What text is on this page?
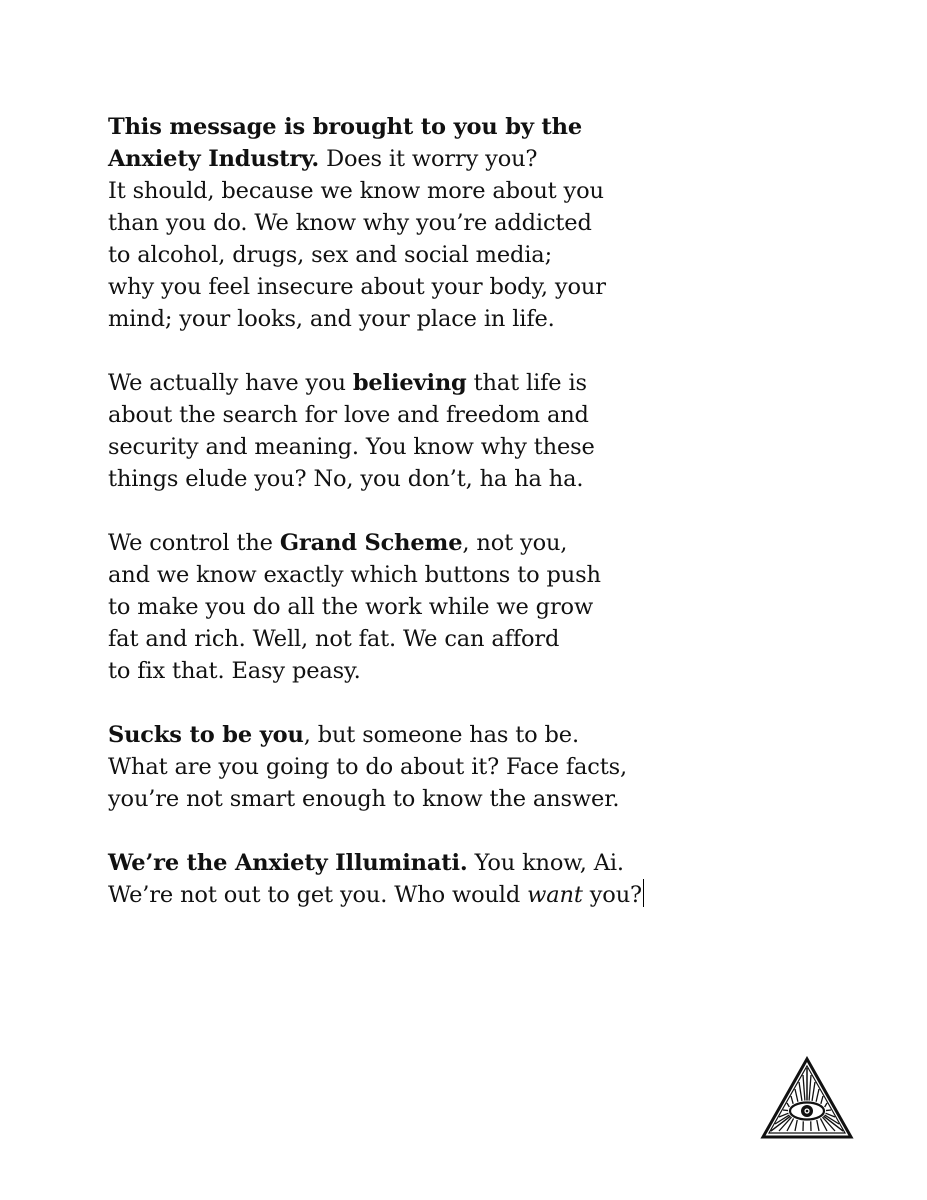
This message is brought to you by the
Anxiety Industry. Does it worry you?
It should, because we know more about you
than you do. We know why you’re addicted
to alcohol, drugs, sex and social media;
why you feel insecure about your body, your
mind; your looks, and your place in life.
We actually have you believing that life is
about the search for love and freedom and
security and meaning. You know why these
things elude you? No, you don’t, ha ha ha.
We control the Grand Scheme, not you,
and we know exactly which buttons to push
to make you do all the work while we grow
fat and rich. Well, not fat. We can afford
to fix that. Easy peasy.
Sucks to be you, but someone has to be.
What are you going to do about it? Face facts,
you’re not smart enough to know the answer.
We’re the Anxiety Illuminati. You know, Ai.
We’re not out to get you. Who would want you?
